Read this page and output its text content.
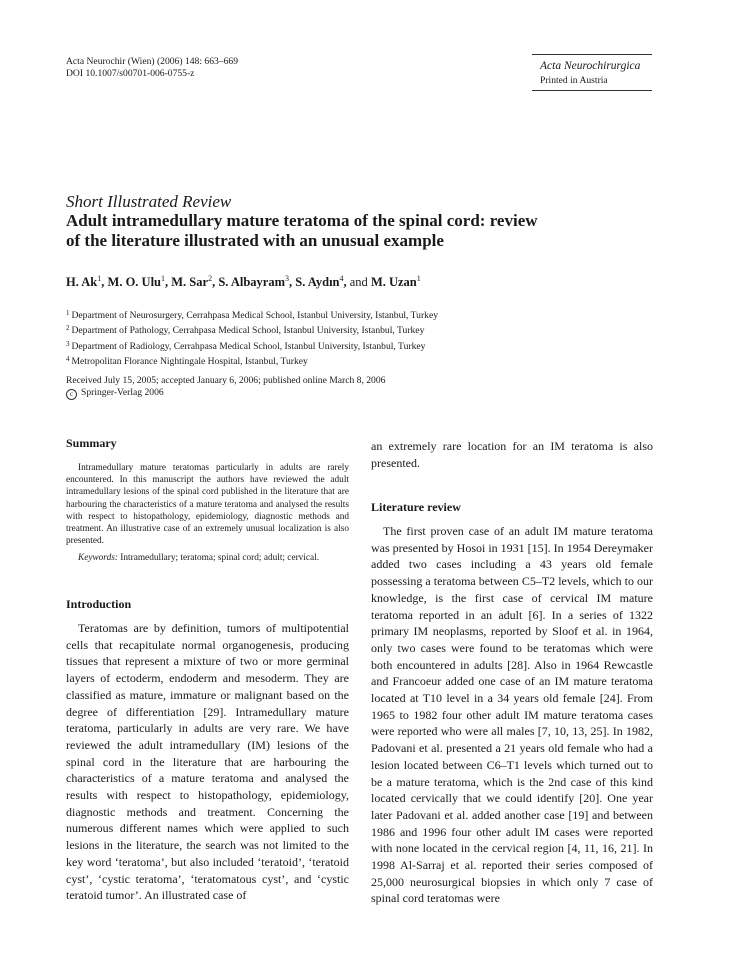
Acta Neurochir (Wien) (2006) 148: 663–669
DOI 10.1007/s00701-006-0755-z
Acta Neurochirurgica
Printed in Austria
Short Illustrated Review
Adult intramedullary mature teratoma of the spinal cord: review
of the literature illustrated with an unusual example
H. Ak$^1$, M. O. Ulu$^1$, M. Sar$^2$, S. Albayram$^3$, S. Aydın$^4$, and M. Uzan$^1$
$^1$ Department of Neurosurgery, Cerrahpasa Medical School, Istanbul University, Istanbul, Turkey
$^2$ Department of Pathology, Cerrahpasa Medical School, Istanbul University, Istanbul, Turkey
$^3$ Department of Radiology, Cerrahpasa Medical School, Istanbul University, Istanbul, Turkey
$^4$ Metropolitan Florance Nightingale Hospital, Istanbul, Turkey
Received July 15, 2005; accepted January 6, 2006; published online March 8, 2006
c Springer-Verlag 2006
Summary

Intramedullary mature teratomas particularly in adults are rarely encountered. In this manuscript the authors have reviewed the adult intramedullary lesions of the spinal cord published in the literature that are harbouring the characteristics of a mature teratoma and analysed the results with respect to histopathology, epidemiology, diagnostic methods and treatment. An illustrative case of an extremely unusual localization is also presented.

Keywords: Intramedullary; teratoma; spinal cord; adult; cervical.

Introduction
Teratomas are by definition, tumors of multipotential cells that recapitulate normal organogenesis, producing tissues that represent a mixture of two or more germinal layers of ectoderm, endoderm and mesoderm. They are classified as mature, immature or malignant based on the degree of differentiation [29]. Intramedullary mature teratoma, particularly in adults are very rare. We have reviewed the adult intramedullary (IM) lesions of the spinal cord in the literature that are harbouring the characteristics of a mature teratoma and analysed the results with respect to histopathology, epidemiology, diagnostic methods and treatment. Concerning the numerous different names which were applied to such lesions in the literature, the search was not limited to the key word ‘teratoma’, but also included ‘teratoid’, ‘teratoid cyst’, ‘cystic teratoma’, ‘teratomatous cyst’, and ‘cystic teratoid tumor’. An illustrated case of
an extremely rare location for an IM teratoma is also presented.
Literature review
The first proven case of an adult IM mature teratoma was presented by Hosoi in 1931 [15]. In 1954 Dereymaker added two cases including a 43 years old female possessing a teratoma between C5–T2 levels, which to our knowledge, is the first case of cervical IM mature teratoma reported in an adult [6]. In a series of 1322 primary IM neoplasms, reported by Sloof et al. in 1964, only two cases were found to be teratomas which were both encountered in adults [28]. Also in 1964 Rewcastle and Francoeur added one case of an IM mature teratoma located at T10 level in a 34 years old female [24]. From 1965 to 1982 four other adult IM mature teratoma cases were reported who were all males [7, 10, 13, 25]. In 1982, Padovani et al. presented a 21 years old female who had a lesion located between C6–T1 levels which turned out to be a mature teratoma, which is the 2nd case of this kind located cervically that we could identify [20]. One year later Padovani et al. added another case [19] and between 1986 and 1996 four other adult IM cases were reported with none located in the cervical region [4, 11, 16, 21]. In 1998 Al-Sarraj et al. reported their series composed of 25,000 neurosurgical biopsies in which only 7 case of spinal cord teratomas were
